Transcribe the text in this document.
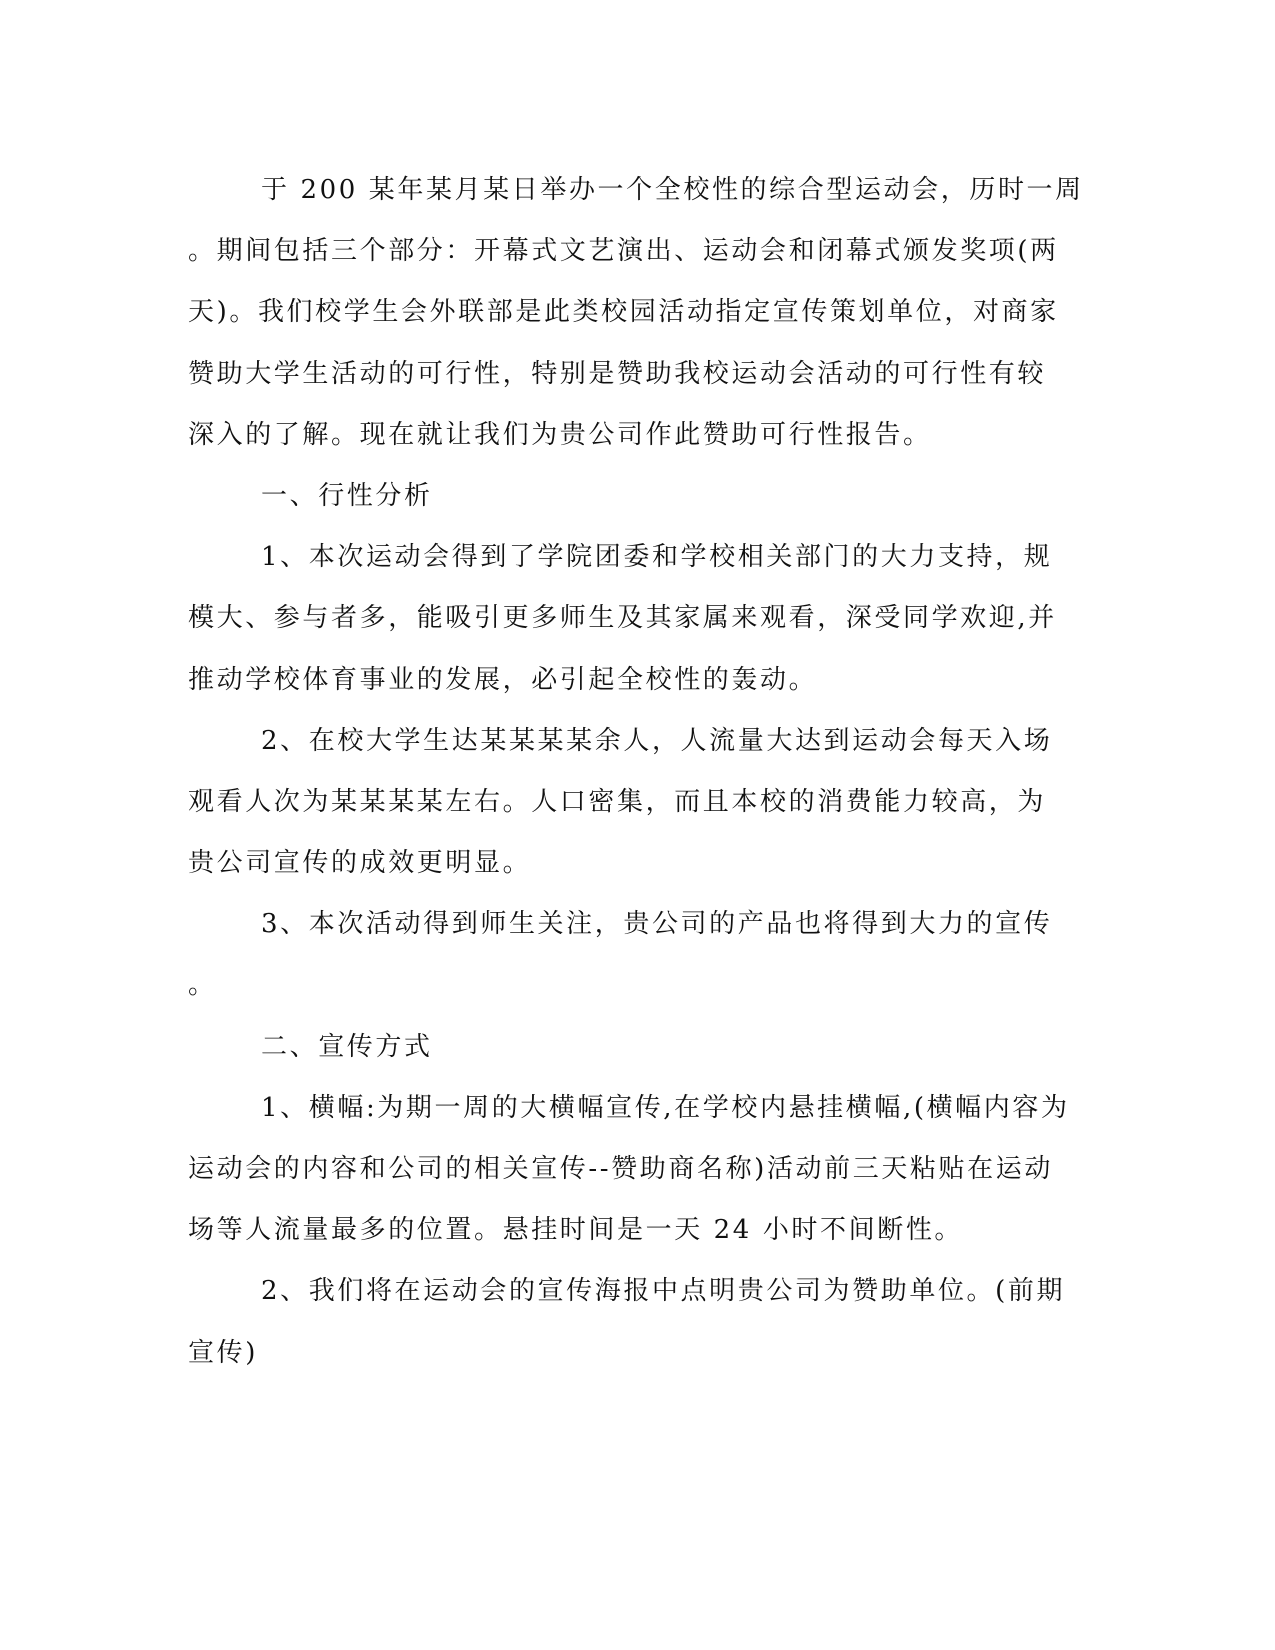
于 200 某年某月某日举办一个全校性的综合型运动会，历时一周
。期间包括三个部分：开幕式文艺演出、运动会和闭幕式颁发奖项(两
天)。我们校学生会外联部是此类校园活动指定宣传策划单位，对商家
赞助大学生活动的可行性，特别是赞助我校运动会活动的可行性有较
深入的了解。现在就让我们为贵公司作此赞助可行性报告。
一、行性分析
1、本次运动会得到了学院团委和学校相关部门的大力支持，规
模大、参与者多，能吸引更多师生及其家属来观看，深受同学欢迎,并
推动学校体育事业的发展，必引起全校性的轰动。
2、在校大学生达某某某某余人，人流量大达到运动会每天入场
观看人次为某某某某左右。人口密集，而且本校的消费能力较高，为
贵公司宣传的成效更明显。
3、本次活动得到师生关注，贵公司的产品也将得到大力的宣传
。
二、宣传方式
1、横幅:为期一周的大横幅宣传,在学校内悬挂横幅,(横幅内容为
运动会的内容和公司的相关宣传--赞助商名称)活动前三天粘贴在运动
场等人流量最多的位置。悬挂时间是一天 24 小时不间断性。
2、我们将在运动会的宣传海报中点明贵公司为赞助单位。(前期
宣传)
